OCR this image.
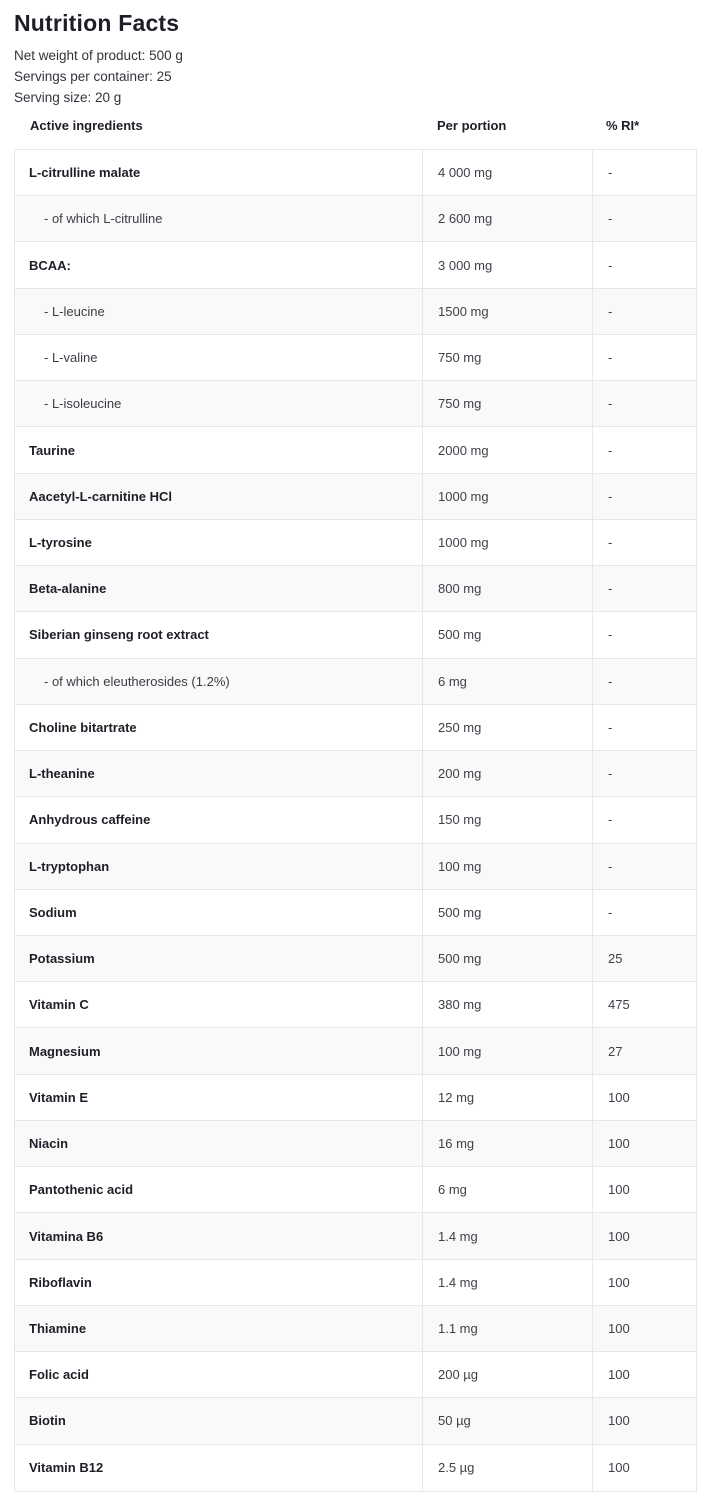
Nutrition Facts
Net weight of product: 500 g
Servings per container: 25
Serving size: 20 g
Active ingredients	Per portion	% RI*
L-citrulline malate	4 000 mg	-
- of which L-citrulline	2 600 mg	-
BCAA:	3 000 mg	-
- L-leucine	1500 mg	-
- L-valine	750 mg	-
- L-isoleucine	750 mg	-
Taurine	2000 mg	-
Aacetyl-L-carnitine HCl	1000 mg	-
L-tyrosine	1000 mg	-
Beta-alanine	800 mg	-
Siberian ginseng root extract	500 mg	-
- of which eleutherosides (1.2%)	6 mg	-
Choline bitartrate	250 mg	-
L-theanine	200 mg	-
Anhydrous caffeine	150 mg	-
L-tryptophan	100 mg	-
Sodium	500 mg	-
Potassium	500 mg	25
Vitamin C	380 mg	475
Magnesium	100 mg	27
Vitamin E	12 mg	100
Niacin	16 mg	100
Pantothenic acid	6 mg	100
Vitamina B6	1.4 mg	100
Riboflavin	1.4 mg	100
Thiamine	1.1 mg	100
Folic acid	200 µg	100
Biotin	50 µg	100
Vitamin B12	2.5 µg	100
